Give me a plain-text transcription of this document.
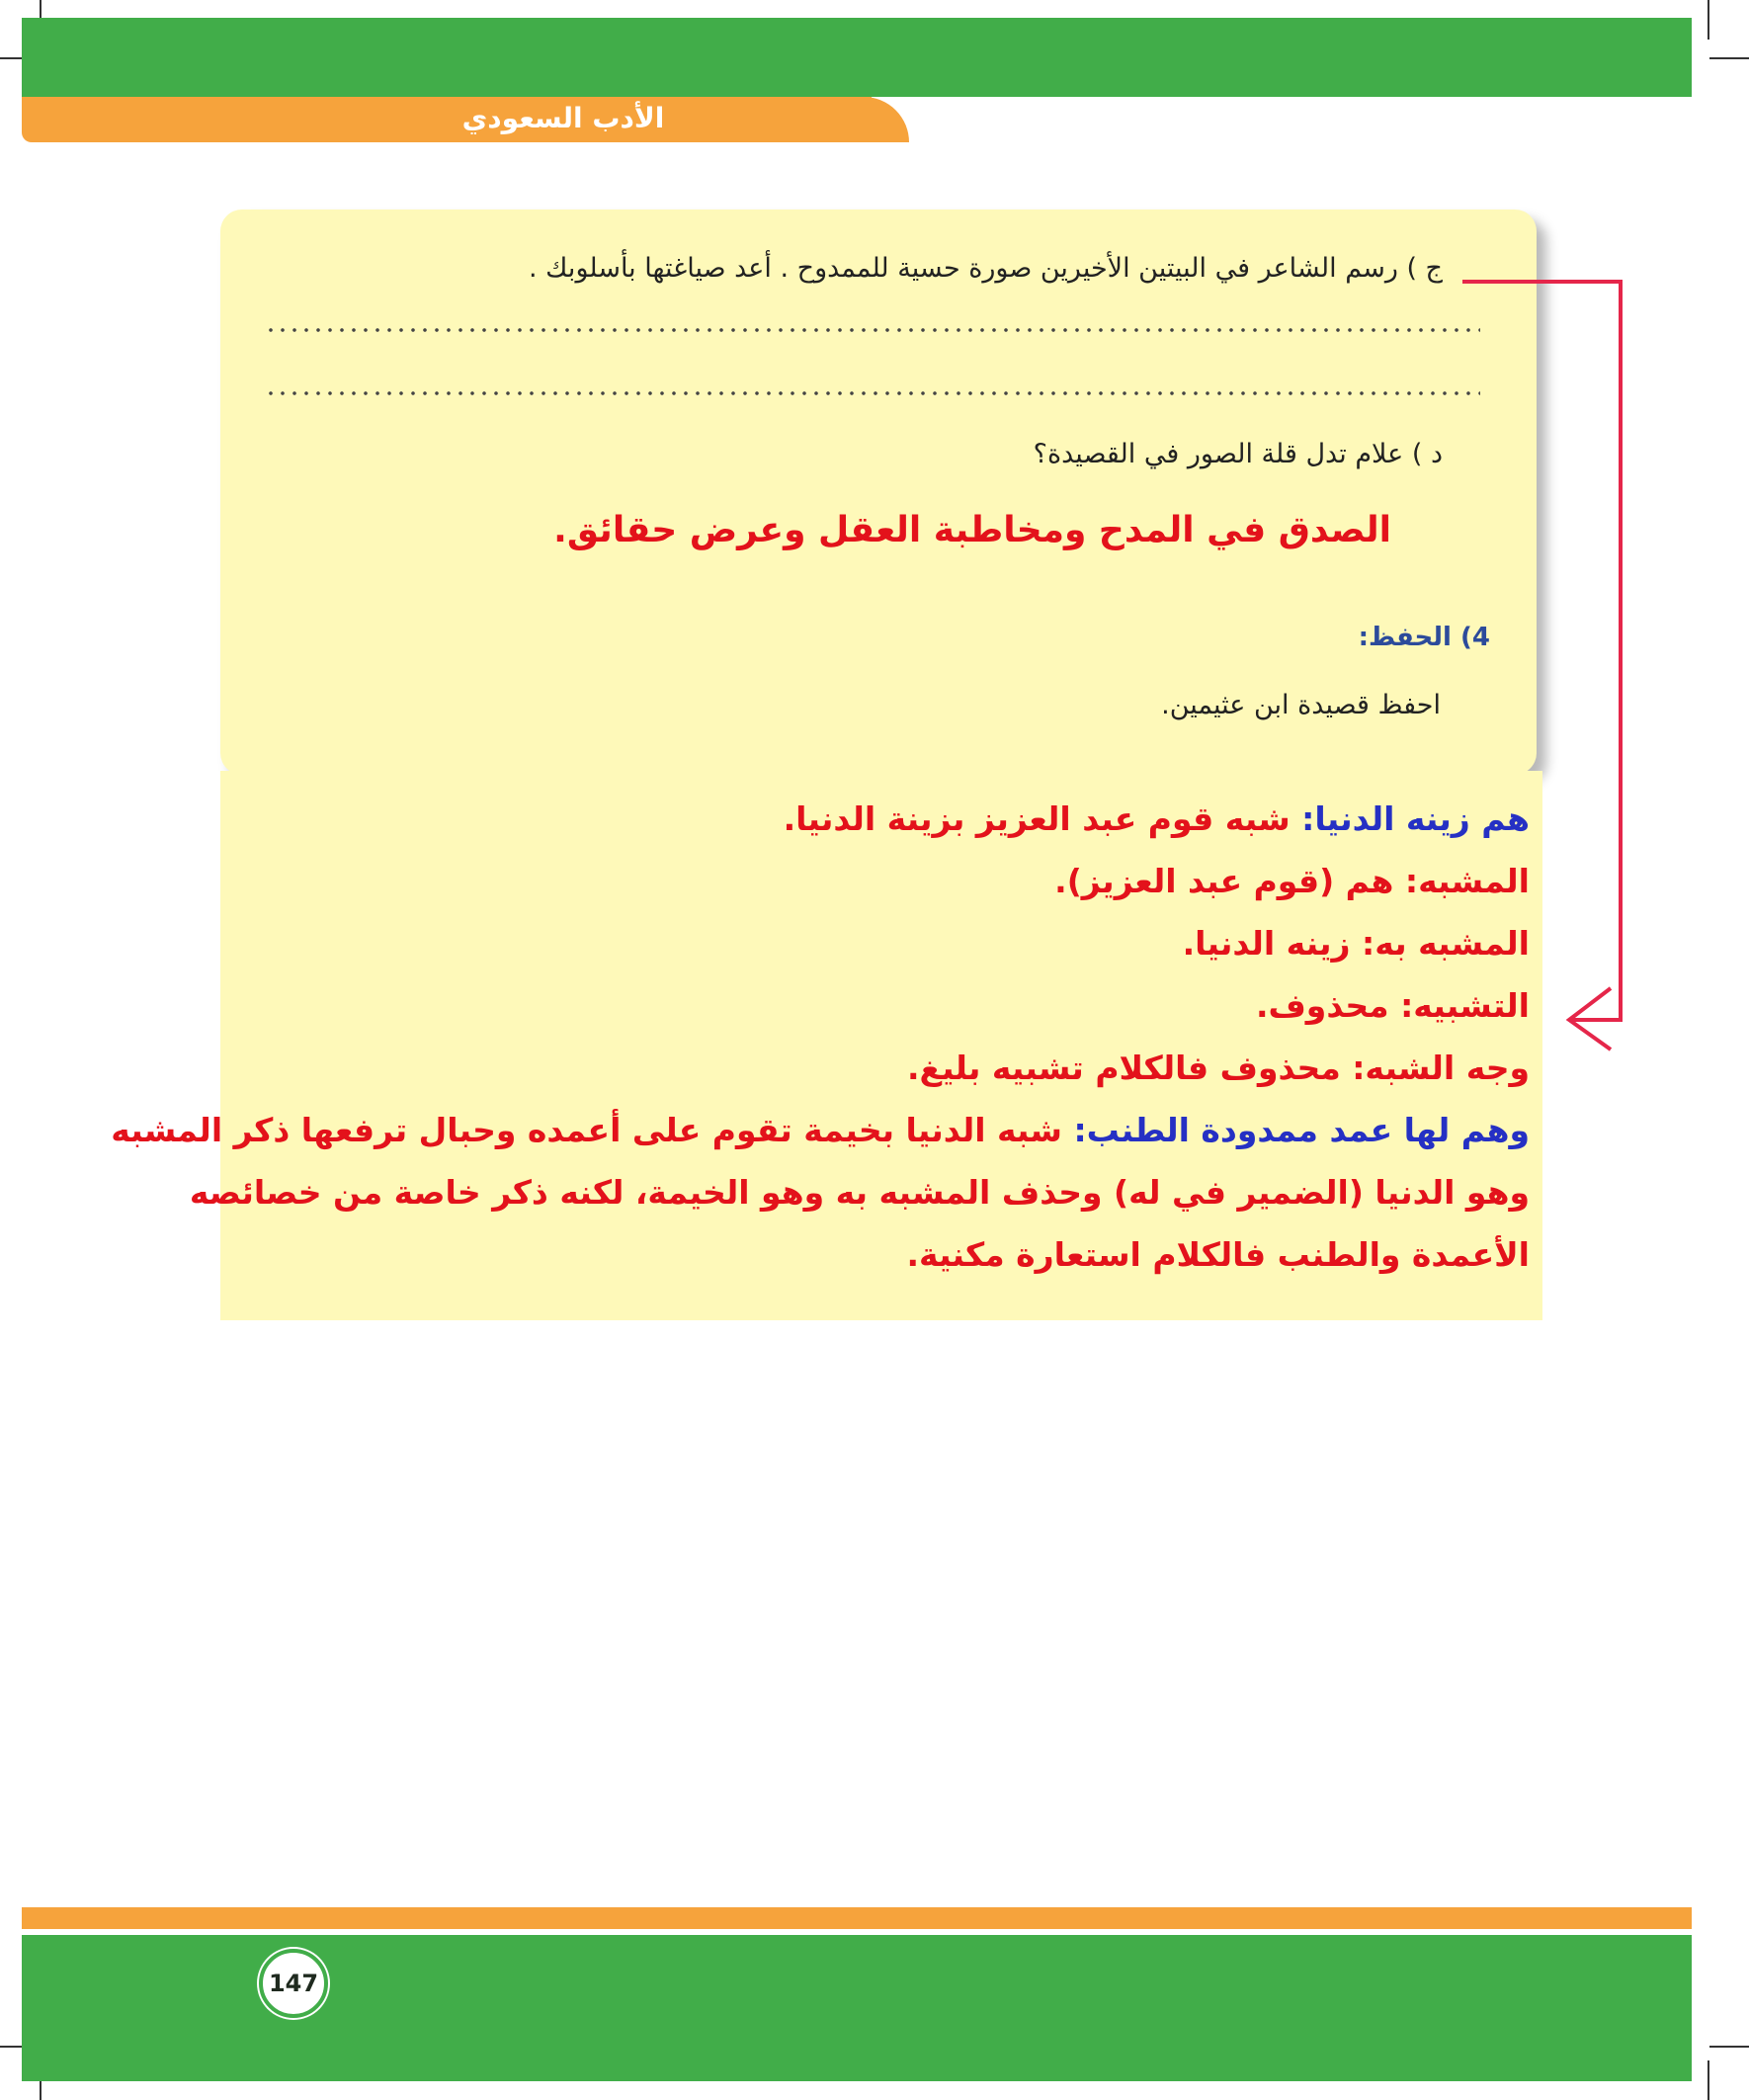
الأدب السعودي
ج ) رسم الشاعر في البيتين الأخيرين صورة حسية للممدوح . أعد صياغتها بأسلوبك .
د ) علام تدل قلة الصور في القصيدة؟
الصدق في المدح ومخاطبة العقل وعرض حقائق.
4) الحفظ:
احفظ قصيدة ابن عثيمين.
هم زينه الدنيا: شبه قوم عبد العزيز بزينة الدنيا.
المشبه: هم (قوم عبد العزيز).
المشبه به: زينه الدنيا.
التشبيه: محذوف.
وجه الشبه: محذوف فالكلام تشبيه بليغ.
وهم لها عمد ممدودة الطنب: شبه الدنيا بخيمة تقوم على أعمده وحبال ترفعها ذكر المشبه
وهو الدنيا (الضمير في له) وحذف المشبه به وهو الخيمة، لكنه ذكر خاصة من خصائصه
الأعمدة والطنب فالكلام استعارة مكنية.
147
